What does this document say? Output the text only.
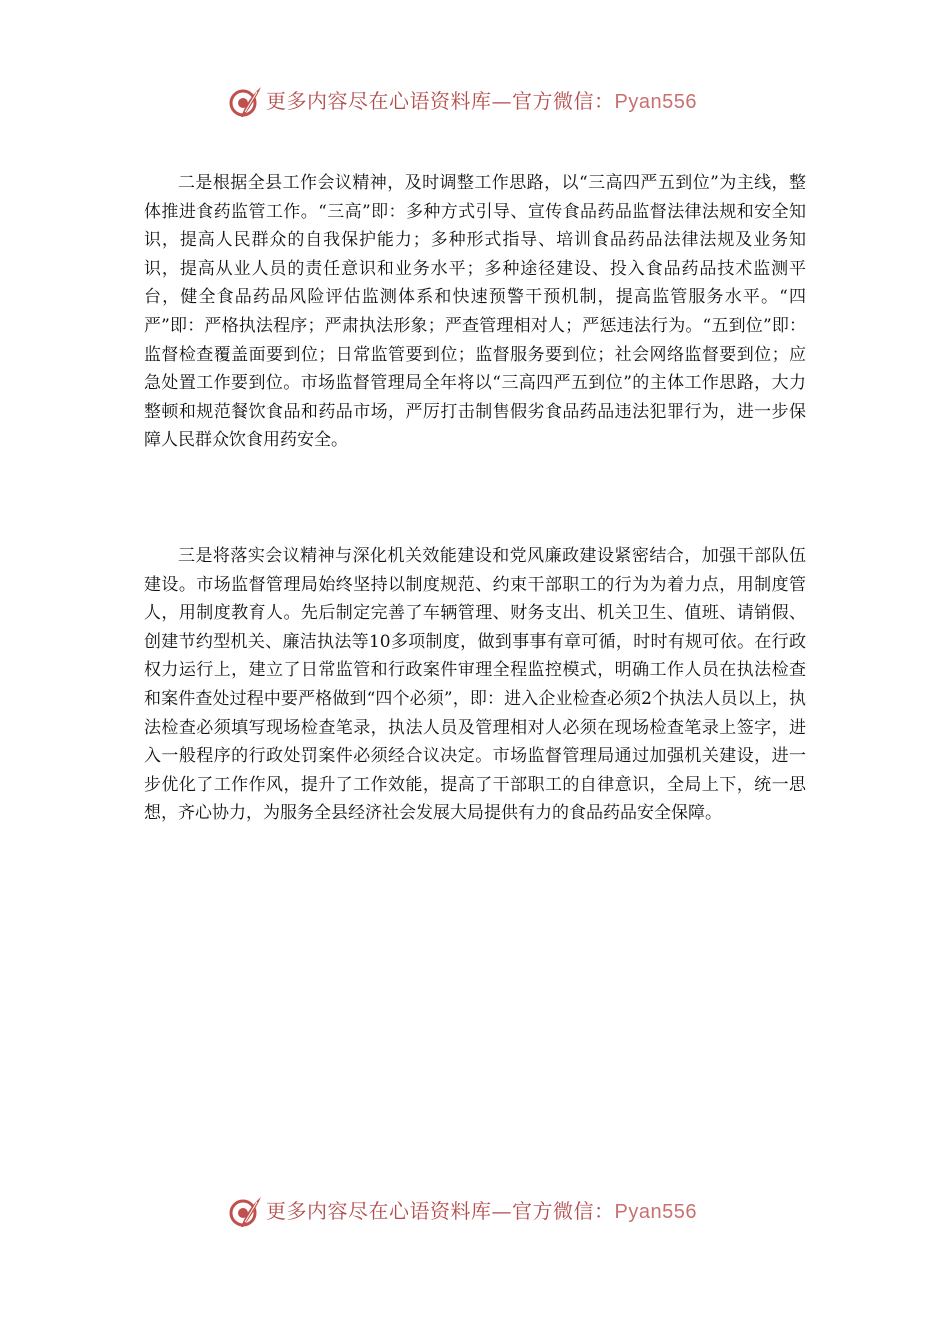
更多内容尽在心语资料库—官方微信：Pyan556

二是根据全县工作会议精神，及时调整工作思路，以“三高四严五到位”为主线，整体推进食药监管工作。“三高”即：多种方式引导、宣传食品药品监督法律法规和安全知识，提高人民群众的自我保护能力；多种形式指导、培训食品药品法律法规及业务知识，提高从业人员的责任意识和业务水平；多种途径建设、投入食品药品技术监测平台，健全食品药品风险评估监测体系和快速预警干预机制，提高监管服务水平。“四严”即：严格执法程序；严肃执法形象；严查管理相对人；严惩违法行为。“五到位”即：监督检查覆盖面要到位；日常监管要到位；监督服务要到位；社会网络监督要到位；应急处置工作要到位。市场监督管理局全年将以“三高四严五到位”的主体工作思路，大力整顿和规范餐饮食品和药品市场，严厉打击制售假劣食品药品违法犯罪行为，进一步保障人民群众饮食用药安全。

三是将落实会议精神与深化机关效能建设和党风廉政建设紧密结合，加强干部队伍建设。市场监督管理局始终坚持以制度规范、约束干部职工的行为为着力点，用制度管人，用制度教育人。先后制定完善了车辆管理、财务支出、机关卫生、值班、请销假、创建节约型机关、廉洁执法等10多项制度，做到事事有章可循，时时有规可依。在行政权力运行上，建立了日常监管和行政案件审理全程监控模式，明确工作人员在执法检查和案件查处过程中要严格做到“四个必须”，即：进入企业检查必须2个执法人员以上，执法检查必须填写现场检查笔录，执法人员及管理相对人必须在现场检查笔录上签字，进入一般程序的行政处罚案件必须经合议决定。市场监督管理局通过加强机关建设，进一步优化了工作作风，提升了工作效能，提高了干部职工的自律意识，全局上下，统一思想，齐心协力，为服务全县经济社会发展大局提供有力的食品药品安全保障。

更多内容尽在心语资料库—官方微信：Pyan556
